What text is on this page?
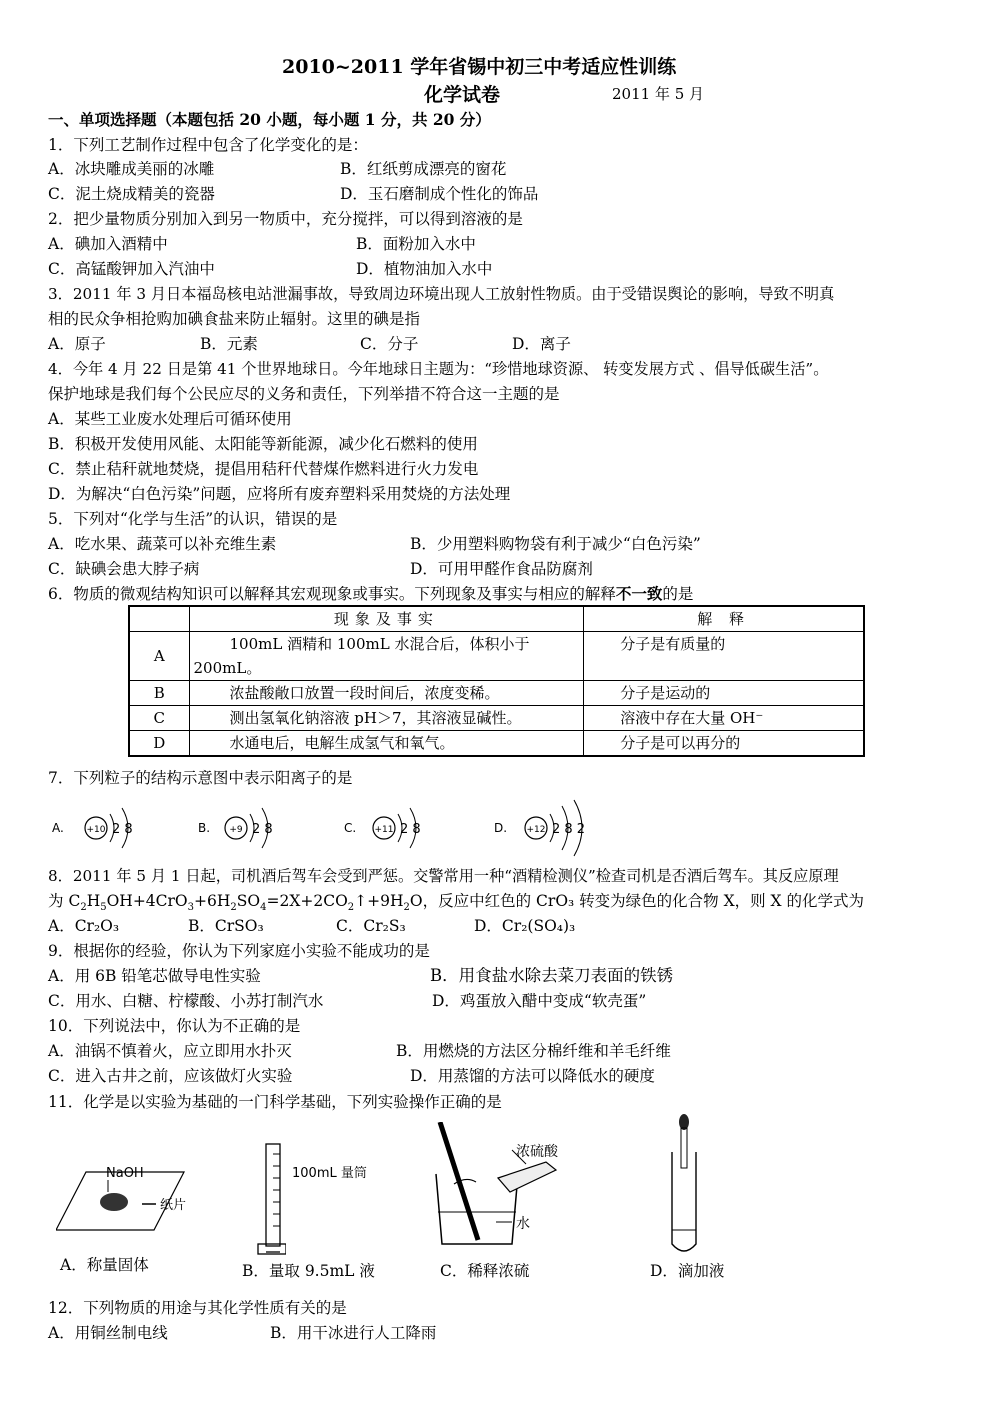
2010~2011 学年省锡中初三中考适应性训练
化学试卷	2011 年 5 月
一、单项选择题（本题包括 20 小题，每小题 1 分，共 20 分）
1．下列工艺制作过程中包含了化学变化的是：
A．冰块雕成美丽的冰雕	B．红纸剪成漂亮的窗花
C．泥土烧成精美的瓷器	D．玉石磨制成个性化的饰品
2．把少量物质分别加入到另一物质中，充分搅拌，可以得到溶液的是
A．碘加入酒精中	B．面粉加入水中
C．高锰酸钾加入汽油中	D．植物油加入水中
3．2011 年 3 月日本福岛核电站泄漏事故，导致周边环境出现人工放射性物质。由于受错误舆论的影响，导致不明真
相的民众争相抢购加碘食盐来防止辐射。这里的碘是指
A．原子	B．元素	C．分子	D．离子
4．今年 4 月 22 日是第 41 个世界地球日。今年地球日主题为：“珍惜地球资源、 转变发展方式 、倡导低碳生活”。
保护地球是我们每个公民应尽的义务和责任，下列举措不符合这一主题的是
A．某些工业废水处理后可循环使用
B．积极开发使用风能、太阳能等新能源，减少化石燃料的使用
C．禁止秸秆就地焚烧，提倡用秸秆代替煤作燃料进行火力发电
D．为解决“白色污染”问题，应将所有废弃塑料采用焚烧的方法处理
5．下列对“化学与生活”的认识，错误的是
A．吃水果、蔬菜可以补充维生素	B．少用塑料购物袋有利于减少“白色污染”
C．缺碘会患大脖子病	D．可用甲醛作食品防腐剂
6．物质的微观结构知识可以解释其宏观现象或事实。下列现象及事实与相应的解释不一致的是
	现象及事实	解 释
A	100mL 酒精和 100mL 水混合后，体积小于
200mL。	分子是有质量的
B	浓盐酸敞口放置一段时间后，浓度变稀。	分子是运动的
C	测出氢氧化钠溶液 pH＞7，其溶液显碱性。	溶液中存在大量 OH⁻
D	水通电后，电解生成氢气和氧气。	分子是可以再分的
7．下列粒子的结构示意图中表示阳离子的是
A.	+10 2 8	B. +9 2 8	C. +11 2 8	D. +12 2 8 2
8．2011 年 5 月 1 日起，司机酒后驾车会受到严惩。交警常用一种“酒精检测仪”检查司机是否酒后驾车。其反应原理
为 $C_2H_5OH+4CrO_3+6H_2SO_4=2X+2CO_2↑+9H_2O$，反应中红色的 CrO₃ 转变为绿色的化合物 X，则 X 的化学式为
A．Cr₂O₃	B．CrSO₃	C．Cr₂S₃	D．Cr₂(SO₄)₃
9．根据你的经验，你认为下列家庭小实验不能成功的是
A．用 6B 铅笔芯做导电性实验	B．用食盐水除去菜刀表面的铁锈
C．用水、白糖、柠檬酸、小苏打制汽水	D．鸡蛋放入醋中变成“软壳蛋”
10．下列说法中，你认为不正确的是
A．油锅不慎着火，应立即用水扑灭	B．用燃烧的方法区分棉纤维和羊毛纤维
C．进入古井之前，应该做灯火实验	D．用蒸馏的方法可以降低水的硬度
11．化学是以实验为基础的一门科学基础，下列实验操作正确的是
NaOH
纸片
A．称量固体
100mL 量筒
B．量取 9.5mL 液
浓硫酸
水
C．稀释浓硫	D．滴加液
12．下列物质的用途与其化学性质有关的是
A．用铜丝制电线	B．用干冰进行人工降雨
